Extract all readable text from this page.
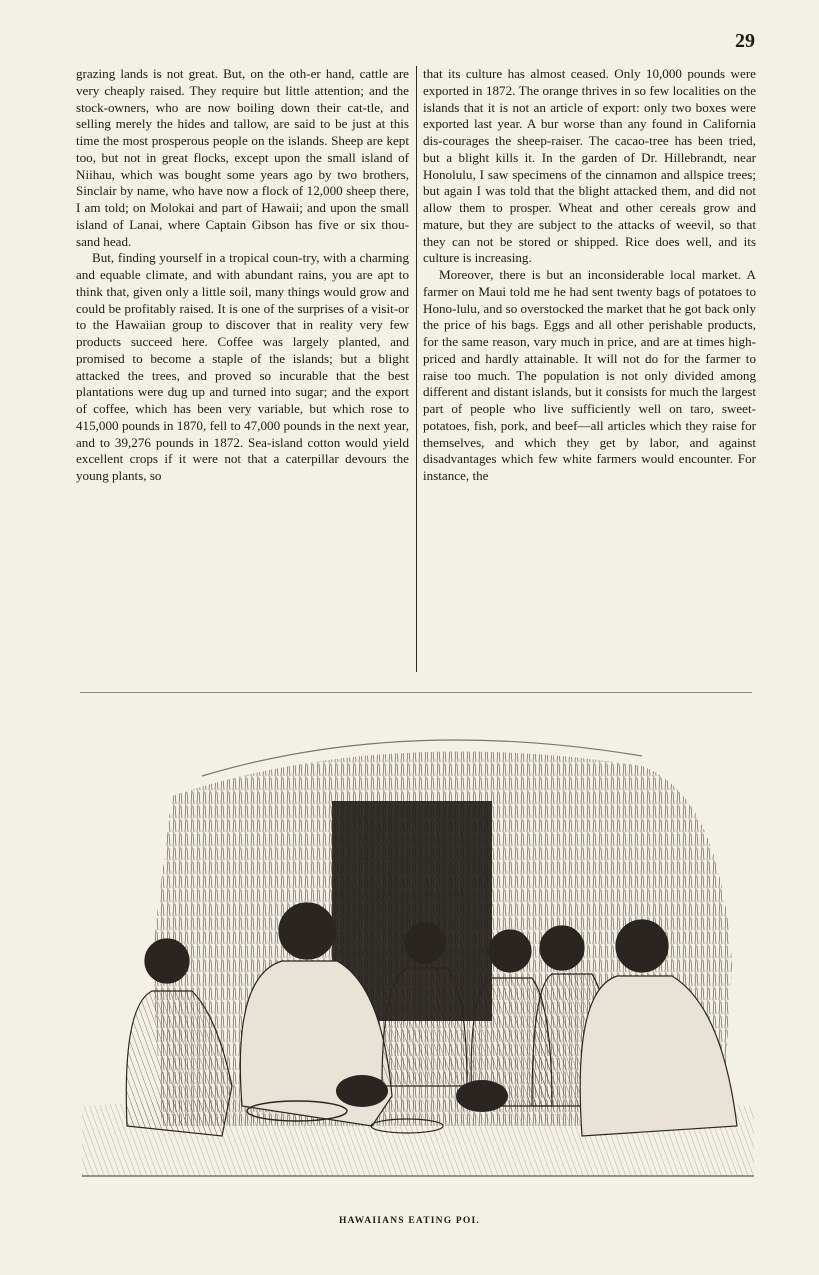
29

grazing lands is not great. But, on the oth-er hand, cattle are very cheaply raised. They require but little attention; and the stock-owners, who are now boiling down their cat-tle, and selling merely the hides and tallow, are said to be just at this time the most prosperous people on the islands. Sheep are kept too, but not in great flocks, except upon the small island of Niihau, which was bought some years ago by two brothers, Sinclair by name, who have now a flock of 12,000 sheep there, I am told; on Molokai and part of Hawaii; and upon the small island of Lanai, where Captain Gibson has five or six thou-sand head.

But, finding yourself in a tropical coun-try, with a charming and equable climate, and with abundant rains, you are apt to think that, given only a little soil, many things would grow and could be profitably raised. It is one of the surprises of a visit-or to the Hawaiian group to discover that in reality very few products succeed here. Coffee was largely planted, and promised to become a staple of the islands; but a blight attacked the trees, and proved so incurable that the best plantations were dug up and turned into sugar; and the export of coffee, which has been very variable, but which rose to 415,000 pounds in 1870, fell to 47,000 pounds in the next year, and to 39,276 pounds in 1872. Sea-island cotton would yield excellent crops if it were not that a caterpillar devours the young plants, so

that its culture has almost ceased. Only 10,000 pounds were exported in 1872. The orange thrives in so few localities on the islands that it is not an article of export: only two boxes were exported last year. A bur worse than any found in California dis-courages the sheep-raiser. The cacao-tree has been tried, but a blight kills it. In the garden of Dr. Hillebrandt, near Honolulu, I saw specimens of the cinnamon and allspice trees; but again I was told that the blight attacked them, and did not allow them to prosper. Wheat and other cereals grow and mature, but they are subject to the attacks of weevil, so that they can not be stored or shipped. Rice does well, and its culture is increasing.

Moreover, there is but an inconsiderable local market. A farmer on Maui told me he had sent twenty bags of potatoes to Hono-lulu, and so overstocked the market that he got back only the price of his bags. Eggs and all other perishable products, for the same reason, vary much in price, and are at times high-priced and hardly attainable. It will not do for the farmer to raise too much. The population is not only divided among different and distant islands, but it consists for much the largest part of people who live sufficiently well on taro, sweet-potatoes, fish, pork, and beef—all articles which they raise for themselves, and which they get by labor, and against disadvantages which few white farmers would encounter. For instance, the

HAWAIIANS EATING POI.
